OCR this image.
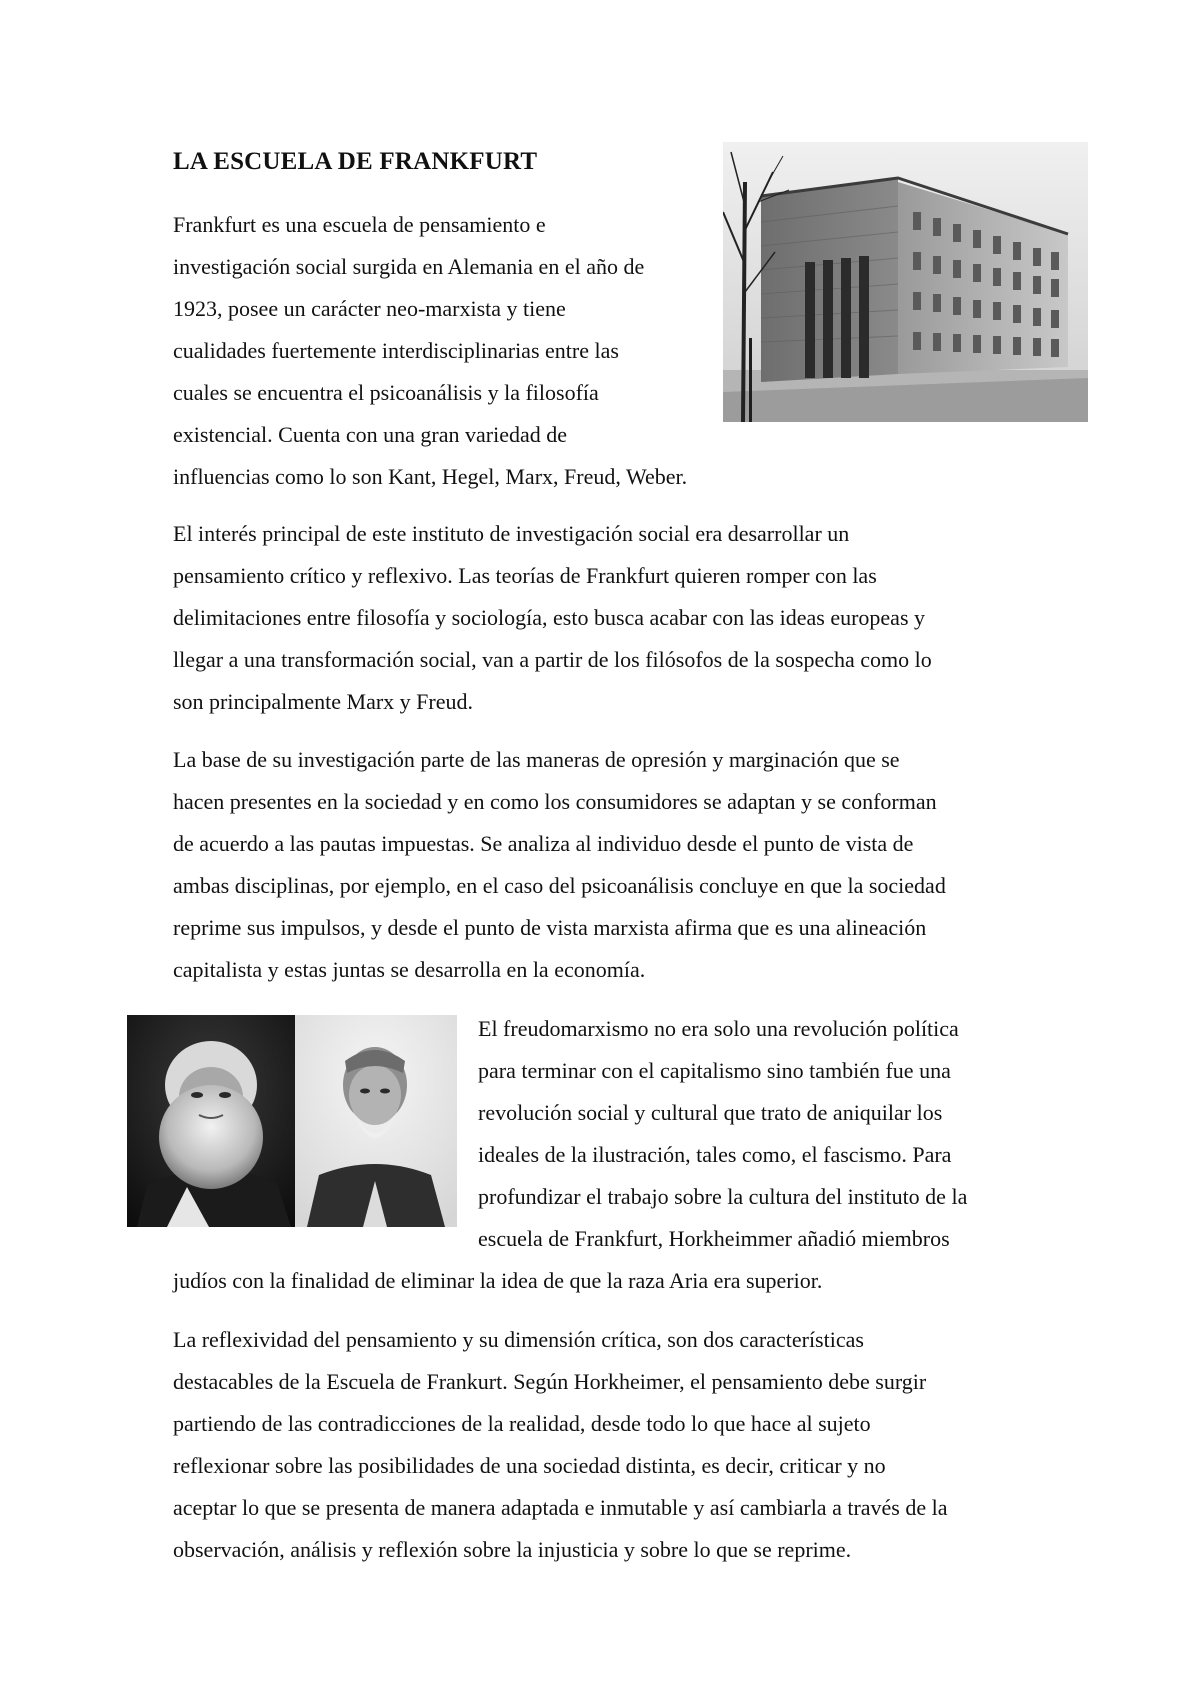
LA ESCUELA DE FRANKFURT

Frankfurt es una escuela de pensamiento e
investigación social surgida en Alemania en el año de
1923, posee un carácter neo-marxista y tiene
cualidades fuertemente interdisciplinarias entre las
cuales se encuentra el psicoanálisis y la filosofía
existencial. Cuenta con una gran variedad de
influencias como lo son Kant, Hegel, Marx, Freud, Weber.

El interés principal de este instituto de investigación social era desarrollar un
pensamiento crítico y reflexivo. Las teorías de Frankfurt quieren romper con las
delimitaciones entre filosofía y sociología, esto busca acabar con las ideas europeas y
llegar a una transformación social, van a partir de los filósofos de la sospecha como lo
son principalmente Marx y Freud.

La base de su investigación parte de las maneras de opresión y marginación que se
hacen presentes en la sociedad y en como los consumidores se adaptan y se conforman
de acuerdo a las pautas impuestas. Se analiza al individuo desde el punto de vista de
ambas disciplinas, por ejemplo, en el caso del psicoanálisis concluye en que la sociedad
reprime sus impulsos, y desde el punto de vista marxista afirma que es una alineación
capitalista y estas juntas se desarrolla en la economía.

El freudomarxismo no era solo una revolución política
para terminar con el capitalismo sino también fue una
revolución social y cultural que trato de aniquilar los
ideales de la ilustración, tales como, el fascismo. Para
profundizar el trabajo sobre la cultura del instituto de la
escuela de Frankfurt, Horkheimmer añadió miembros
judíos con la finalidad de eliminar la idea de que la raza Aria era superior.

La reflexividad del pensamiento y su dimensión crítica, son dos características
destacables de la Escuela de Frankurt. Según Horkheimer, el pensamiento debe surgir
partiendo de las contradicciones de la realidad, desde todo lo que hace al sujeto
reflexionar sobre las posibilidades de una sociedad distinta, es decir, criticar y no
aceptar lo que se presenta de manera adaptada e inmutable y así cambiarla a través de la
observación, análisis y reflexión sobre la injusticia y sobre lo que se reprime.
